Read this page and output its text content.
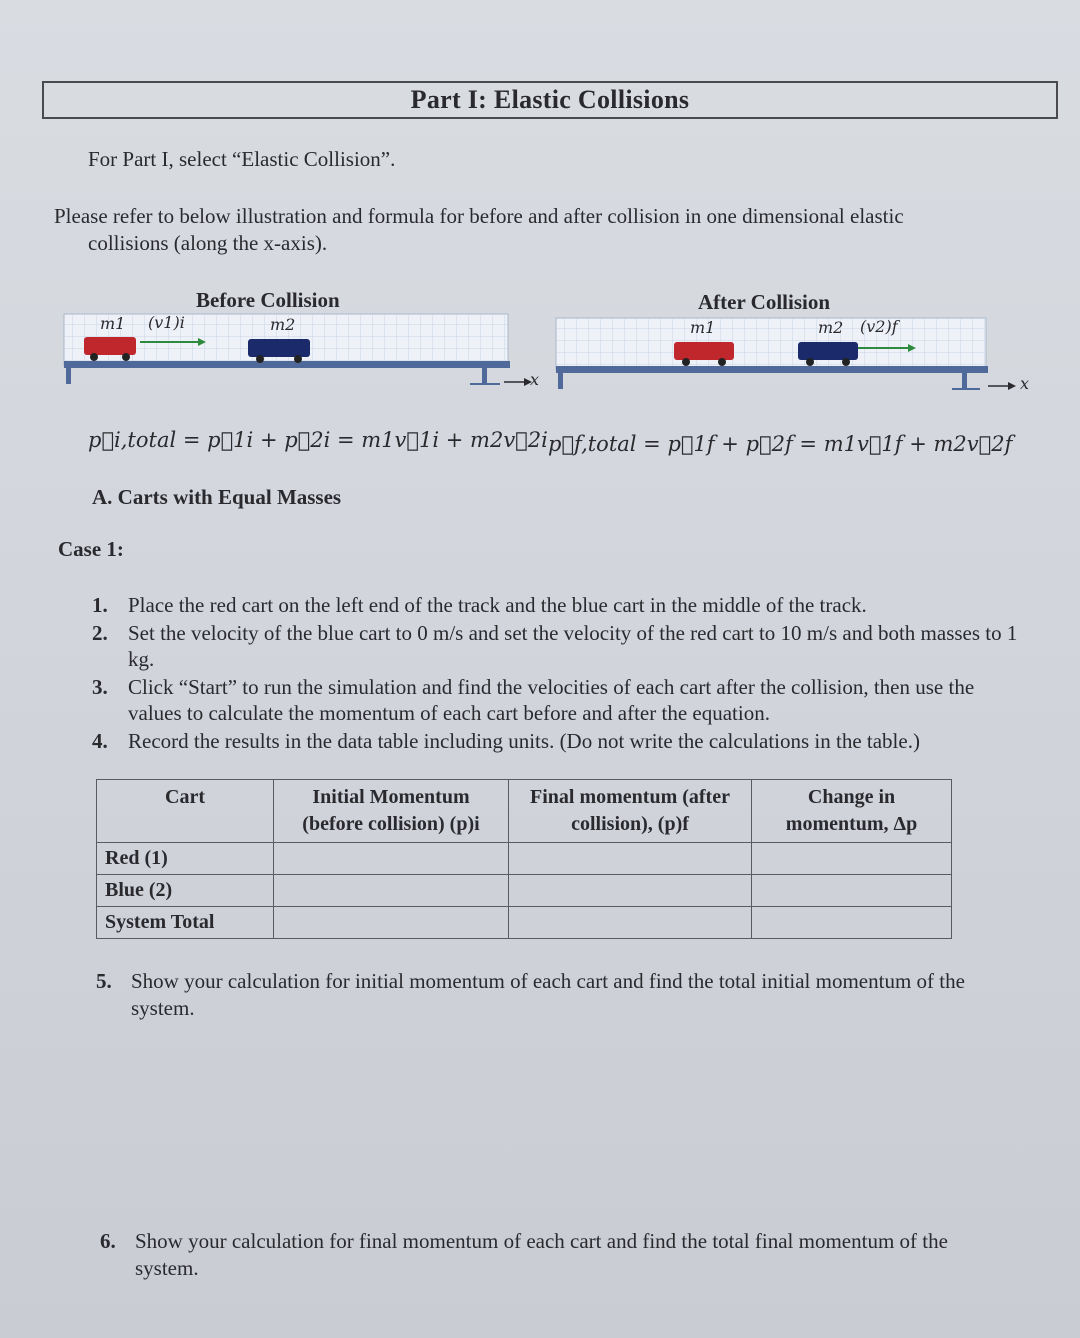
Part I: Elastic Collisions
For Part I, select “Elastic Collision”.
Please refer to below illustration and formula for before and after collision in one dimensional elastic
collisions (along the x-axis).
Before Collision
m1 (v1)i	m2
x
After Collision
m1	m2 (v2)f
x
p⃗i,total = p⃗1i + p⃗2i = m1v⃗1i + m2v⃗2i p⃗f,total = p⃗1f + p⃗2f = m1v⃗1f + m2v⃗2f
A. Carts with Equal Masses
Case 1:
1. Place the red cart on the left end of the track and the blue cart in the middle of the track.
2. Set the velocity of the blue cart to 0 m/s and set the velocity of the red cart to 10 m/s and both masses to 1 kg.
3. Click “Start” to run the simulation and find the velocities of each cart after the collision, then use the values to calculate the momentum of each cart before and after the equation.
4. Record the results in the data table including units. (Do not write the calculations in the table.)
Cart	Initial Momentum (before collision) (p)i	Final momentum (after collision), (p)f	Change in momentum, Δp
Red (1)			
Blue (2)			
System Total			
5. Show your calculation for initial momentum of each cart and find the total initial momentum of the system.
6. Show your calculation for final momentum of each cart and find the total final momentum of the system.
